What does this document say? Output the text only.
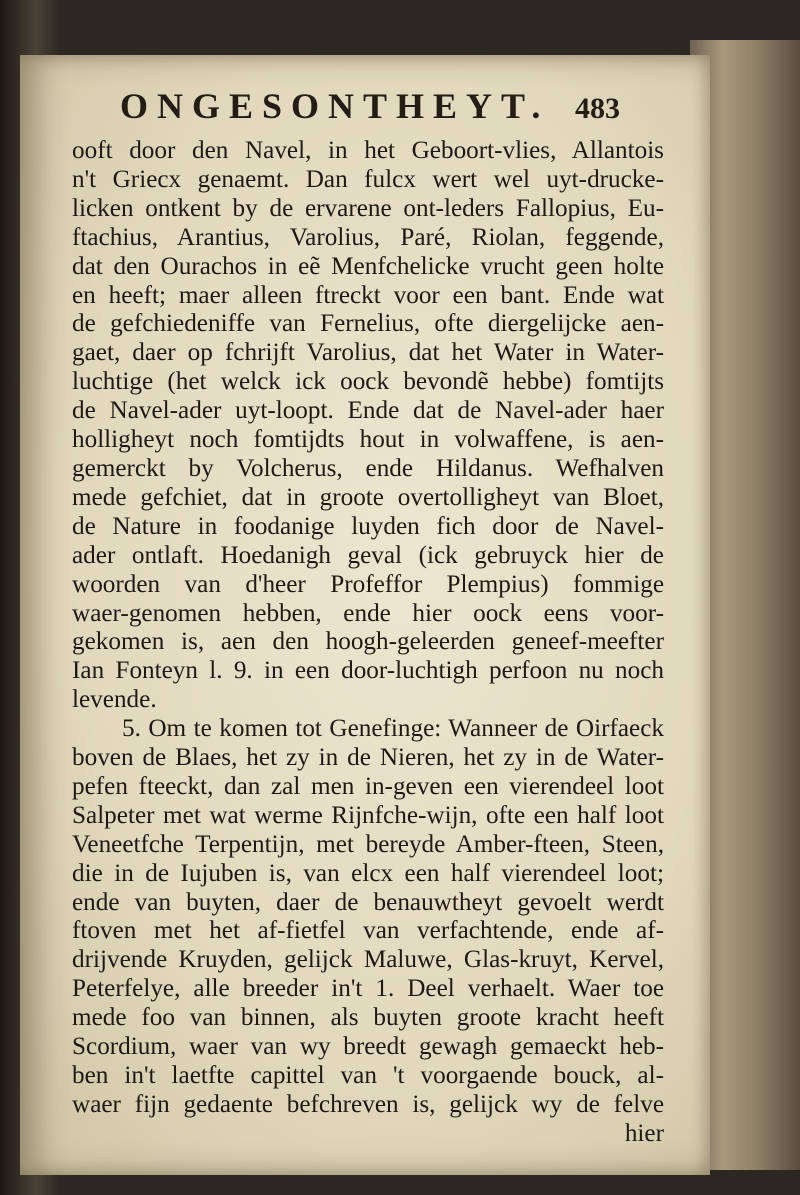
ONGESONTHEYT. 483
ooft door den Navel, in het Geboort-vlies, Allantois
n't Griecx genaemt. Dan fulcx wert wel uyt-drucke-
licken ontkent by de ervarene ont-leders Fallopius, Eu-
ftachius, Arantius, Varolius, Paré, Riolan, feggende,
dat den Ourachos in eẽ Menfchelicke vrucht geen holte
en heeft; maer alleen ftreckt voor een bant. Ende wat
de gefchiedeniffe van Fernelius, ofte diergelijcke aen-
gaet, daer op fchrijft Varolius, dat het Water in Water-
luchtige (het welck ick oock bevondẽ hebbe) fomtijts
de Navel-ader uyt-loopt. Ende dat de Navel-ader haer
holligheyt noch fomtijdts hout in volwaffene, is aen-
gemerckt by Volcherus, ende Hildanus. Wefhalven
mede gefchiet, dat in groote overtolligheyt van Bloet,
de Nature in foodanige luyden fich door de Navel-
ader ontlaft. Hoedanigh geval (ick gebruyck hier de
woorden van d'heer Profeffor Plempius) fommige
waer-genomen hebben, ende hier oock eens voor-
gekomen is, aen den hoogh-geleerden geneef-meefter
Ian Fonteyn l. 9. in een door-luchtigh perfoon nu noch
levende.
5. Om te komen tot Genefinge: Wanneer de Oirfaeck
boven de Blaes, het zy in de Nieren, het zy in de Water-
pefen fteeckt, dan zal men in-geven een vierendeel loot
Salpeter met wat werme Rijnfche-wijn, ofte een half loot
Veneetfche Terpentijn, met bereyde Amber-fteen, Steen,
die in de Iujuben is, van elcx een half vierendeel loot;
ende van buyten, daer de benauwtheyt gevoelt werdt
ftoven met het af-fietfel van verfachtende, ende af-
drijvende Kruyden, gelijck Maluwe, Glas-kruyt, Kervel,
Peterfelye, alle breeder in't 1. Deel verhaelt. Waer toe
mede foo van binnen, als buyten groote kracht heeft
Scordium, waer van wy breedt gewagh gemaeckt heb-
ben in't laetfte capittel van 't voorgaende bouck, al-
waer fijn gedaente befchreven is, gelijck wy de felve
hier
